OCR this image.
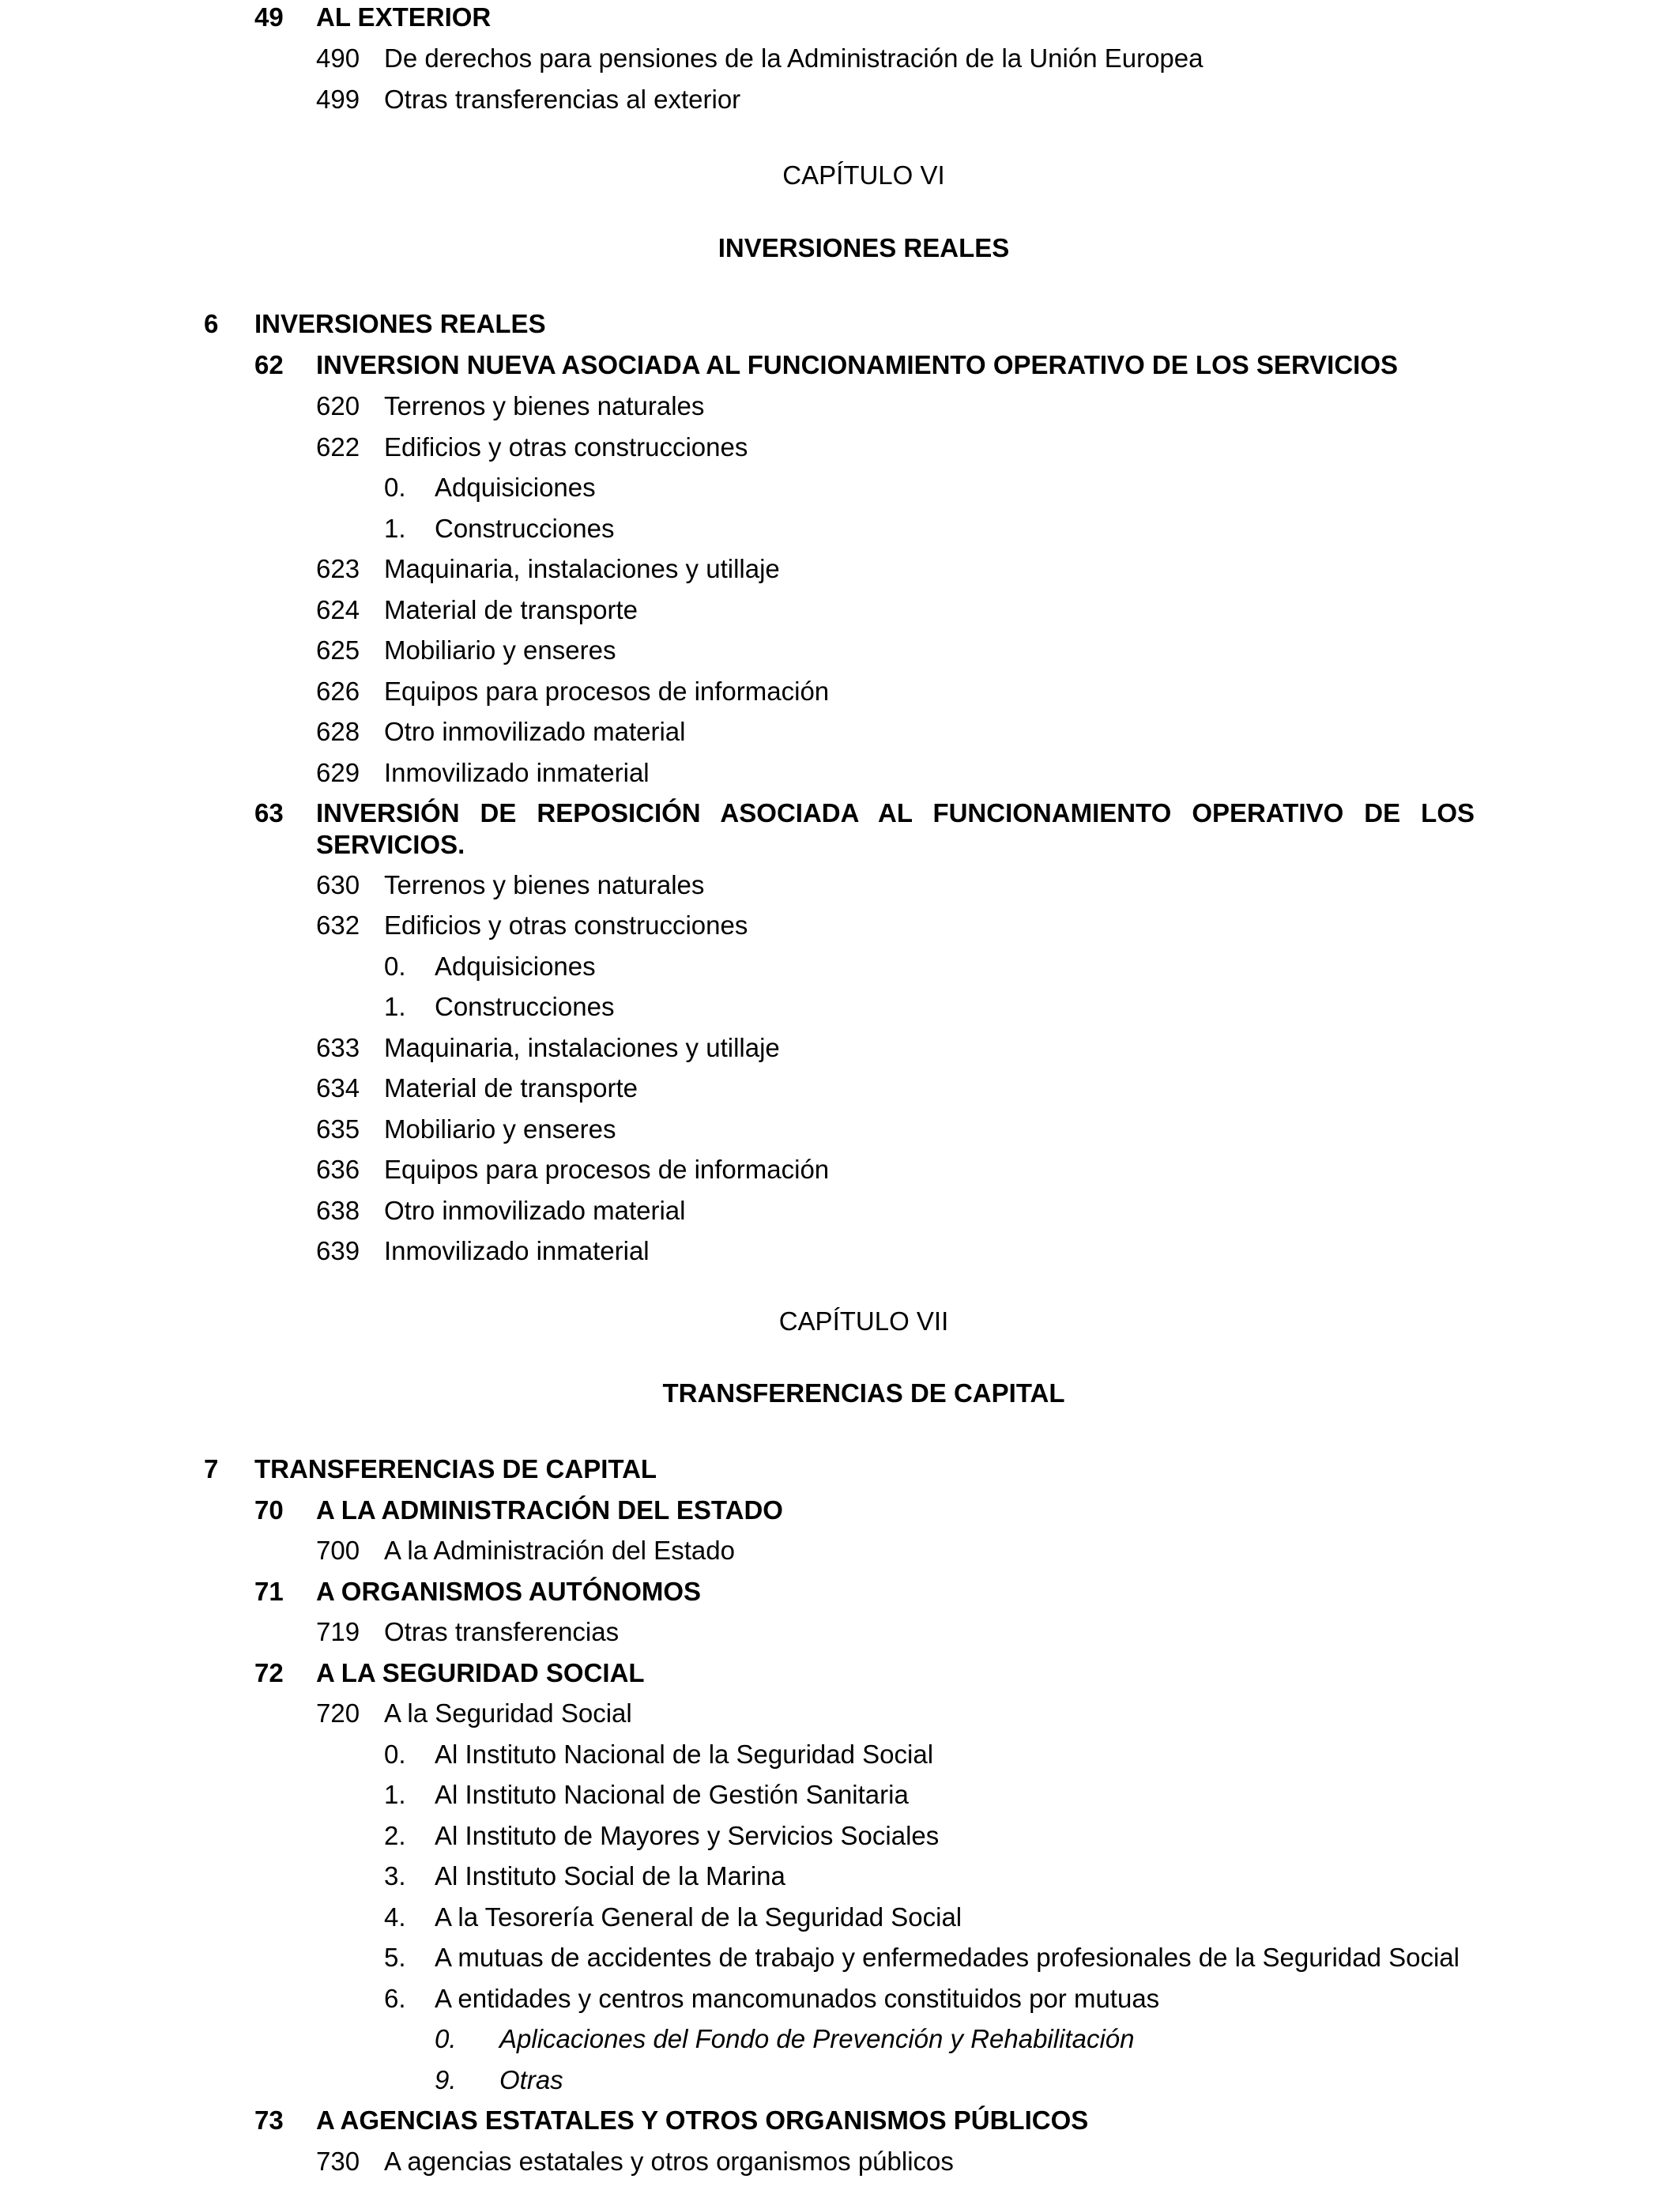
49 AL EXTERIOR
490 De derechos para pensiones de la Administración de la Unión Europea
499 Otras transferencias al exterior
CAPÍTULO VI
INVERSIONES REALES
6 INVERSIONES REALES
62 INVERSION NUEVA ASOCIADA AL FUNCIONAMIENTO OPERATIVO DE LOS SERVICIOS
620 Terrenos y bienes naturales
622 Edificios y otras construcciones
0. Adquisiciones
1. Construcciones
623 Maquinaria, instalaciones y utillaje
624 Material de transporte
625 Mobiliario y enseres
626 Equipos para procesos de información
628 Otro inmovilizado material
629 Inmovilizado inmaterial
63 INVERSIÓN DE REPOSICIÓN ASOCIADA AL FUNCIONAMIENTO OPERATIVO DE LOS SERVICIOS.
630 Terrenos y bienes naturales
632 Edificios y otras construcciones
0. Adquisiciones
1. Construcciones
633 Maquinaria, instalaciones y utillaje
634 Material de transporte
635 Mobiliario y enseres
636 Equipos para procesos de información
638 Otro inmovilizado material
639 Inmovilizado inmaterial
CAPÍTULO VII
TRANSFERENCIAS DE CAPITAL
7 TRANSFERENCIAS DE CAPITAL
70 A LA ADMINISTRACIÓN DEL ESTADO
700 A la Administración del Estado
71 A ORGANISMOS AUTÓNOMOS
719 Otras transferencias
72 A LA SEGURIDAD SOCIAL
720 A la Seguridad Social
0. Al Instituto Nacional de la Seguridad Social
1. Al Instituto Nacional de Gestión Sanitaria
2. Al Instituto de Mayores y Servicios Sociales
3. Al Instituto Social de la Marina
4. A la Tesorería General de la Seguridad Social
5. A mutuas de accidentes de trabajo y enfermedades profesionales de la Seguridad Social
6. A entidades y centros mancomunados constituidos por mutuas
0. Aplicaciones del Fondo de Prevención y Rehabilitación
9. Otras
73 A AGENCIAS ESTATALES Y OTROS ORGANISMOS PÚBLICOS
730 A agencias estatales y otros organismos públicos
